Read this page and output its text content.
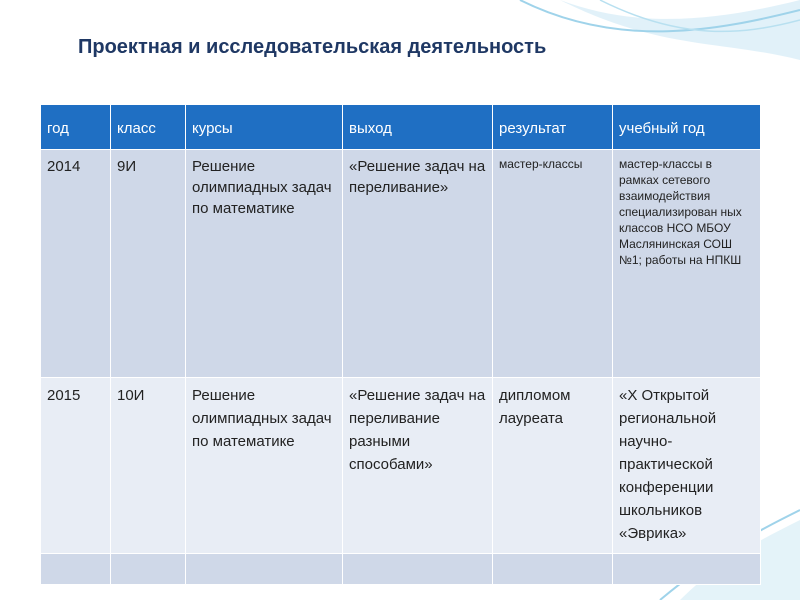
Проектная и исследовательская деятельность
год	класс	курсы	выход	результат	учебный год
2014	9И	Решение олимпиадных задач по математике	«Решение задач на переливание»	мастер-классы	мастер-классы в рамках сетевого взаимодействия специализирован ных классов НСО МБОУ Маслянинская СОШ №1; работы на НПКШ
2015	10И	Решение олимпиадных задач по математике	«Решение задач на переливание разными способами»	дипломом лауреата	«X Открытой региональной научно-практической конференции школьников «Эврика»
